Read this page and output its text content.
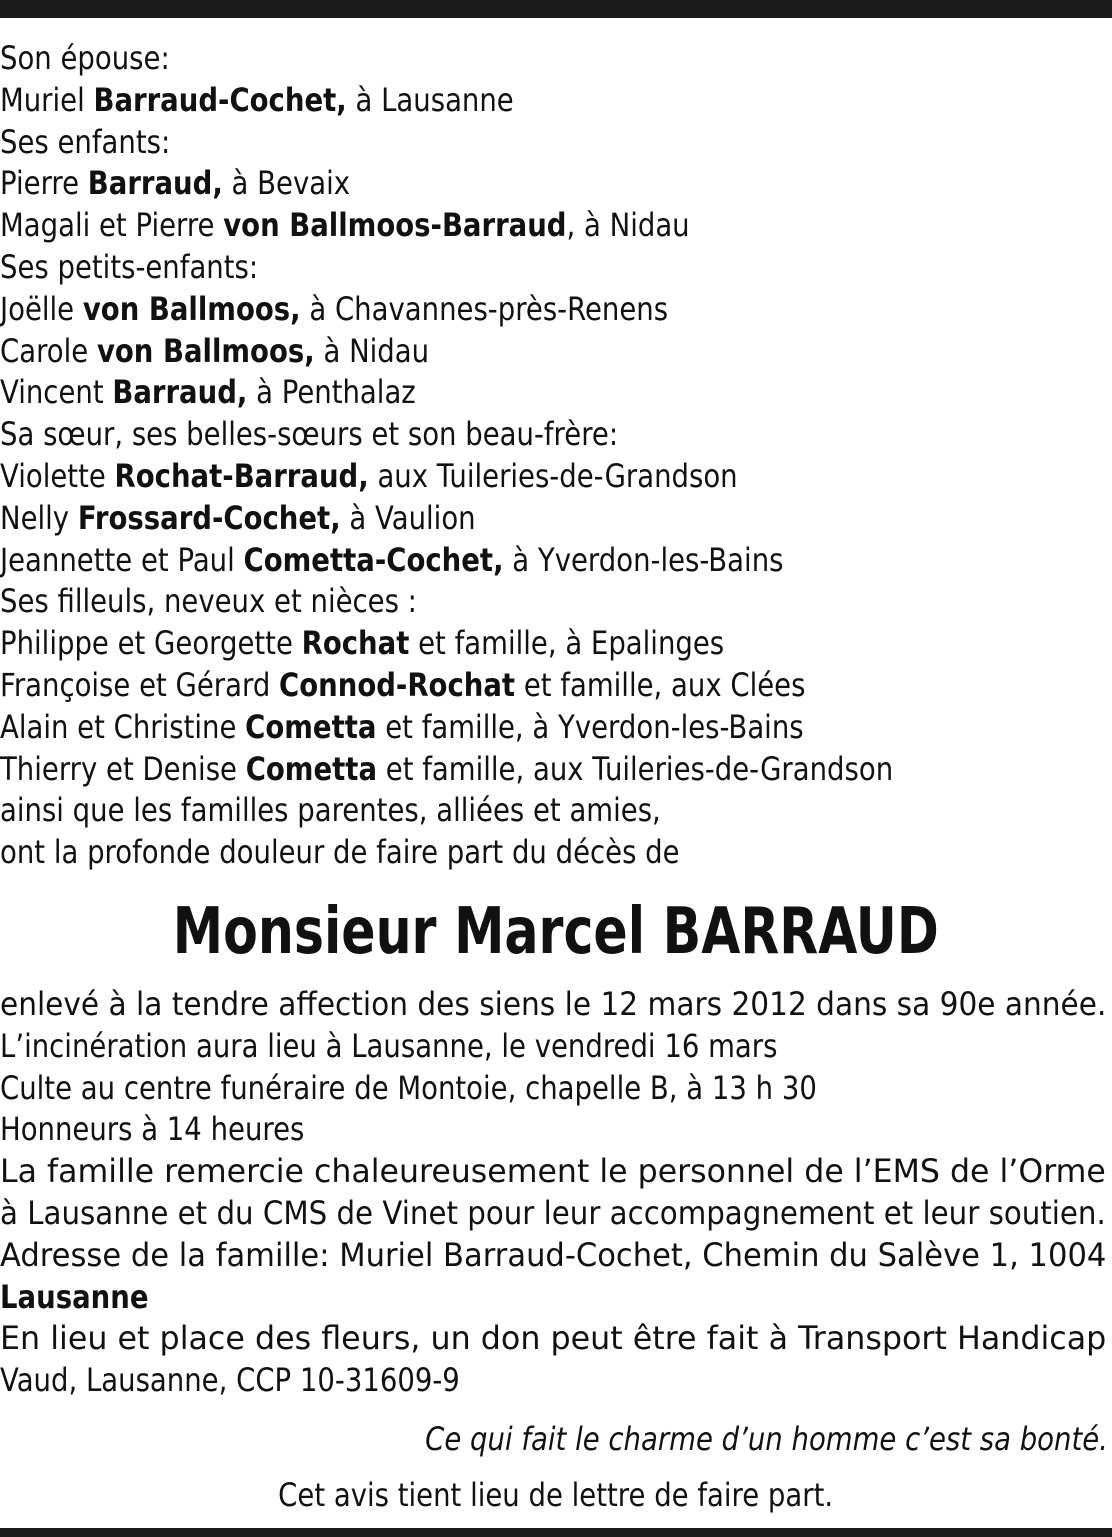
Son épouse:
Muriel Barraud-Cochet, à Lausanne
Ses enfants:
Pierre Barraud, à Bevaix
Magali et Pierre von Ballmoos-Barraud, à Nidau
Ses petits-enfants:
Joëlle von Ballmoos, à Chavannes-près-Renens
Carole von Ballmoos, à Nidau
Vincent Barraud, à Penthalaz
Sa sœur, ses belles-sœurs et son beau-frère:
Violette Rochat-Barraud, aux Tuileries-de-Grandson
Nelly Frossard-Cochet, à Vaulion
Jeannette et Paul Cometta-Cochet, à Yverdon-les-Bains
Ses filleuls, neveux et nièces :
Philippe et Georgette Rochat et famille, à Epalinges
Françoise et Gérard Connod-Rochat et famille, aux Clées
Alain et Christine Cometta et famille, à Yverdon-les-Bains
Thierry et Denise Cometta et famille, aux Tuileries-de-Grandson
ainsi que les familles parentes, alliées et amies,
ont la profonde douleur de faire part du décès de
Monsieur Marcel BARRAUD
enlevé à la tendre affection des siens le 12 mars 2012 dans sa 90e année.
L’incinération aura lieu à Lausanne, le vendredi 16 mars
Culte au centre funéraire de Montoie, chapelle B, à 13 h 30
Honneurs à 14 heures
La famille remercie chaleureusement le personnel de l’EMS de l’Orme
à Lausanne et du CMS de Vinet pour leur accompagnement et leur soutien.
Adresse de la famille: Muriel Barraud-Cochet, Chemin du Salève 1, 1004
Lausanne
En lieu et place des fleurs, un don peut être fait à Transport Handicap
Vaud, Lausanne, CCP 10-31609-9
Ce qui fait le charme d’un homme c’est sa bonté.
Cet avis tient lieu de lettre de faire part.
